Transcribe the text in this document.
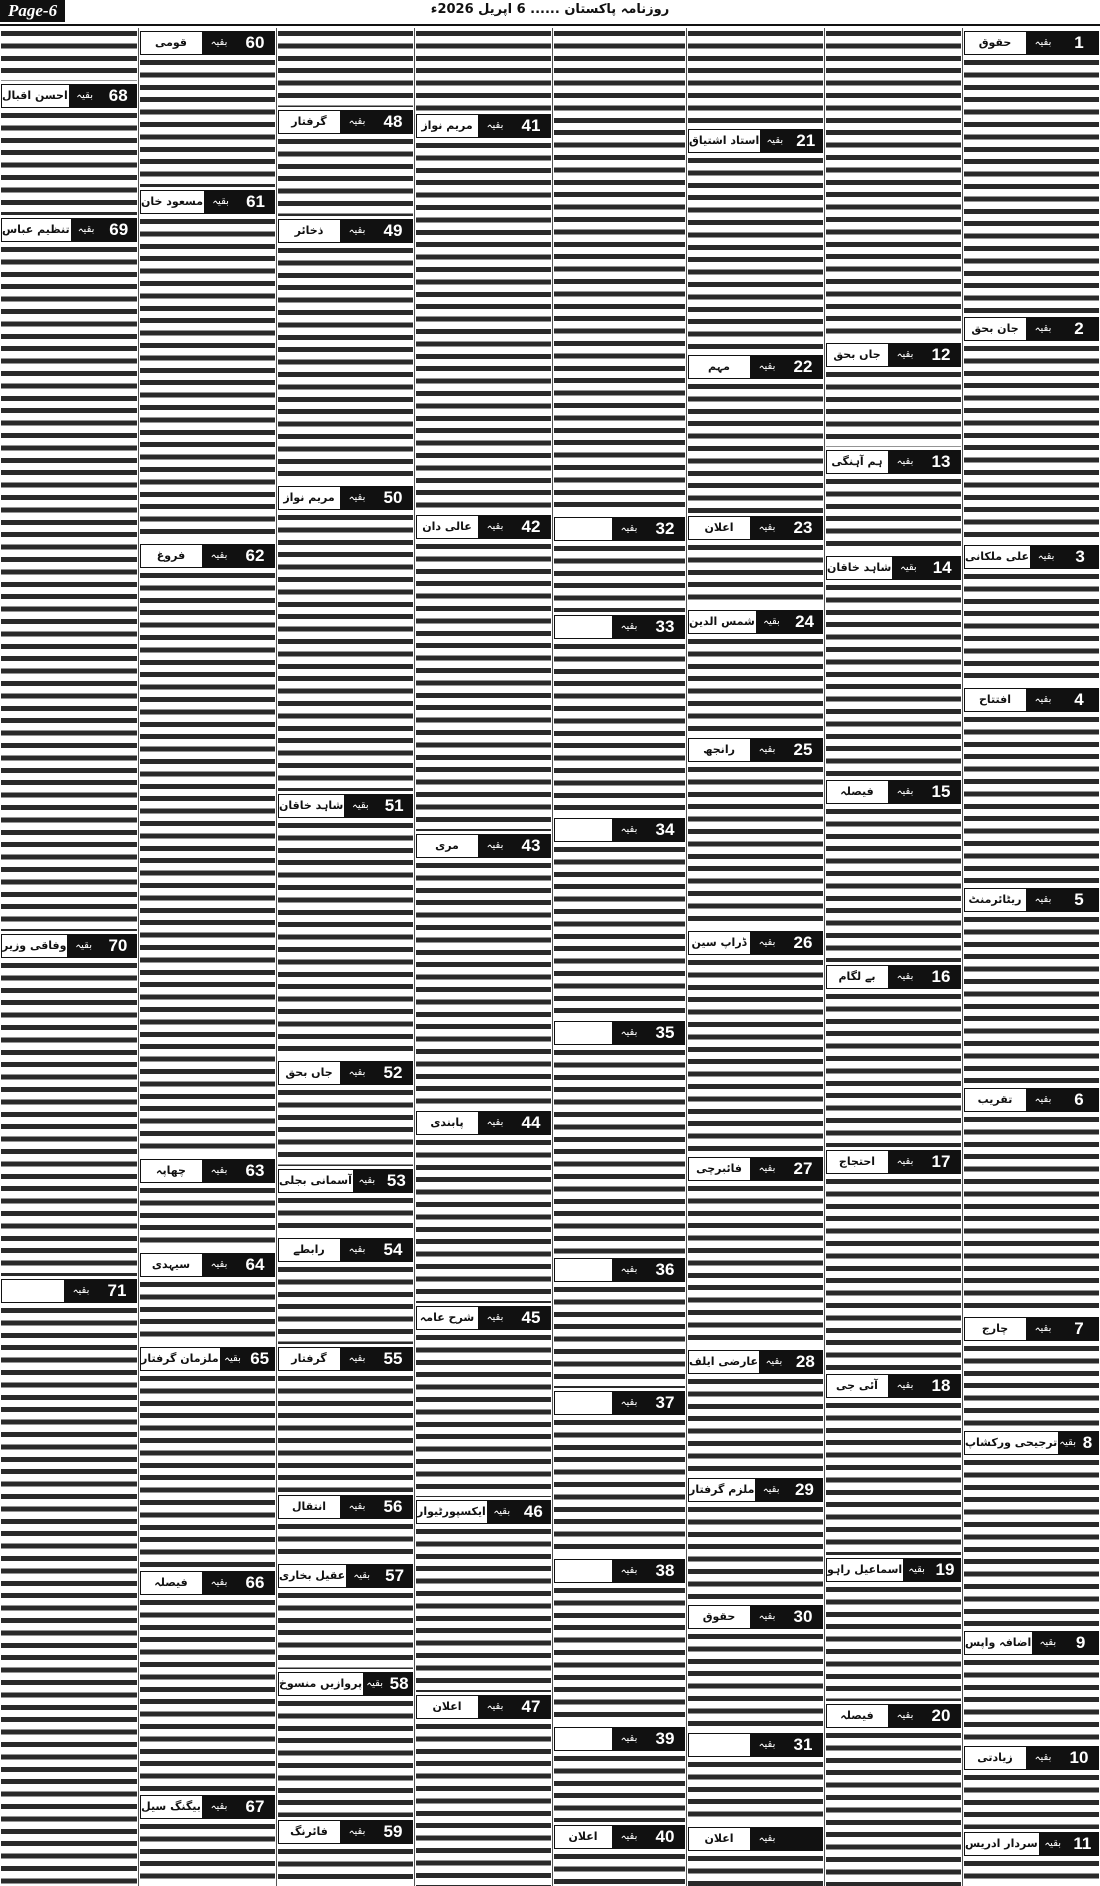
Page-6	روزنامہ پاکستان ...... 6 اپریل 2026ء
1
بقیہ
حقوق
2
بقیہ
جان بحق
3
بقیہ
علی ملکانی
4
بقیہ
افتتاح
5
بقیہ
ریٹائرمنٹ
6
بقیہ
تقریب
7
بقیہ
چارج
8
بقیہ
ترجیحی ورکشاپ
9
بقیہ
اضافہ واپس
10
بقیہ
زیادتی
11
بقیہ
سردار ادریس
12
بقیہ
جاں بحق
13
بقیہ
ہم آہنگی
14
بقیہ
شاہد خاقان
15
بقیہ
فیصلہ
16
بقیہ
بے لگام
17
بقیہ
احتجاج
18
بقیہ
آئی جی
19
بقیہ
اسماعیل راہو
20
بقیہ
فیصلہ
21
بقیہ
استاد اشتیاق
22
بقیہ
مہم
23
بقیہ
اعلان
24
بقیہ
شمس الدین
25
بقیہ
رانجھ
26
بقیہ
ڈراپ سین
27
بقیہ
فائبرچی
28
بقیہ
عارضی ایلف
29
بقیہ
ملزم گرفتار
30
بقیہ
حقوق
31
بقیہ
بقیہ
اعلان
32
بقیہ
33
بقیہ
34
بقیہ
35
بقیہ
36
بقیہ
37
بقیہ
38
بقیہ
39
بقیہ
40
بقیہ
اعلان
41
بقیہ
مریم نواز
42
بقیہ
عالی دان
43
بقیہ
مری
44
بقیہ
پابندی
45
بقیہ
شرح عامہ
46
بقیہ
ایکسپورٹیوار
47
بقیہ
اعلان
48
بقیہ
گرفتار
49
بقیہ
ذخائر
50
بقیہ
مریم نواز
51
بقیہ
شاہد خاقان
52
بقیہ
جاں بحق
53
بقیہ
آسمانی بجلی
54
بقیہ
رابطے
55
بقیہ
گرفتار
56
بقیہ
انتقال
57
بقیہ
عقیل بخاری
58
بقیہ
پروازیں منسوخ
59
بقیہ
فائرنگ
60
بقیہ
قومی
61
بقیہ
مسعود خان
62
بقیہ
فروغ
63
بقیہ
چھاپہ
64
بقیہ
سیہدی
65
بقیہ
ملزمان گرفتار
66
بقیہ
فیصلہ
67
بقیہ
بیگنگ سیل
68
بقیہ
احسن اقبال
69
بقیہ
تنظیم عباس
70
بقیہ
وفاقی وزیر
71
بقیہ
